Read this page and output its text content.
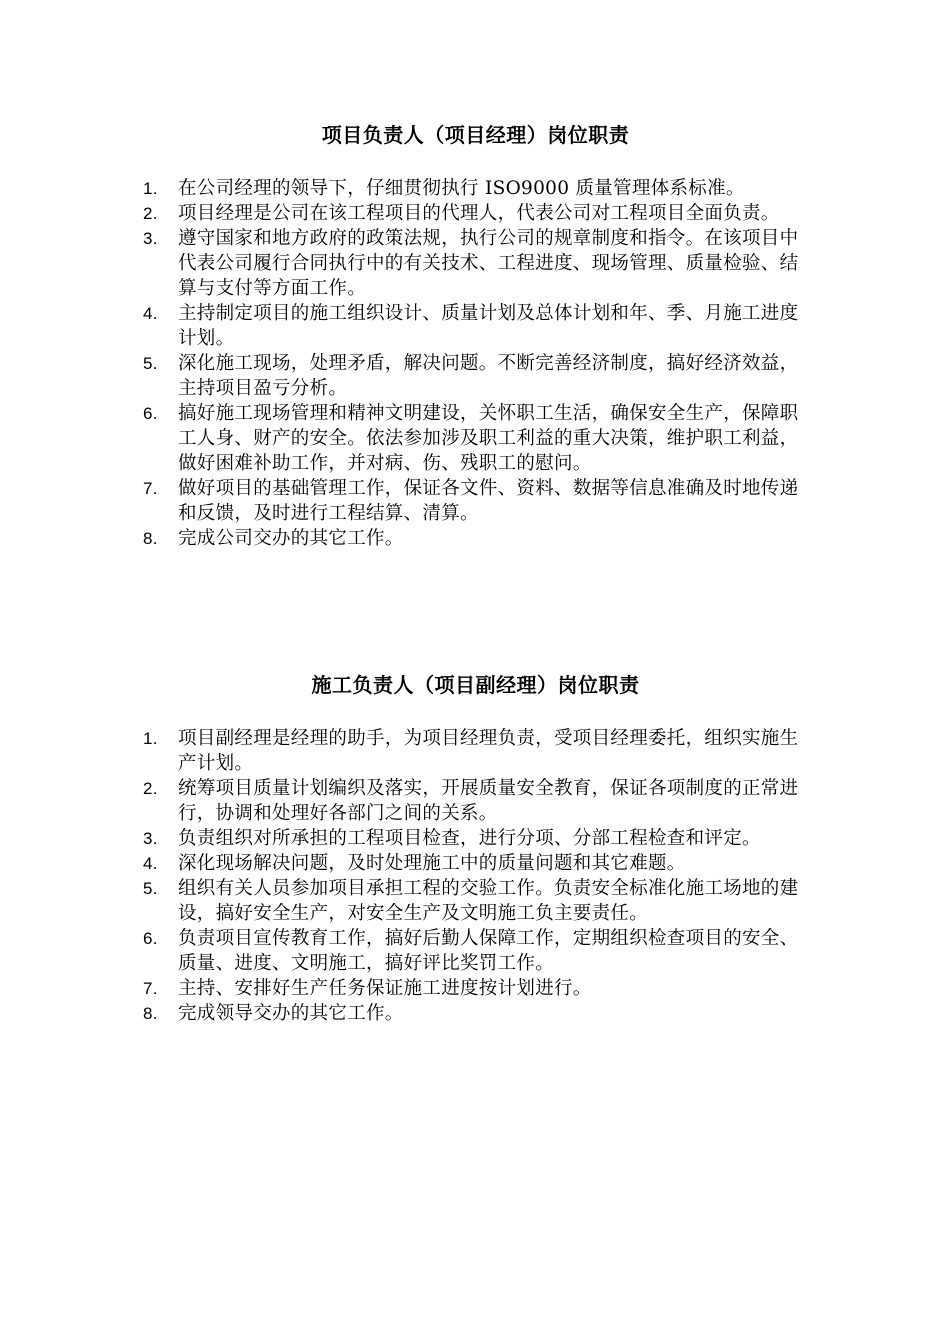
项目负责人（项目经理）岗位职责
1.	在公司经理的领导下，仔细贯彻执行 ISO9000 质量管理体系标准。
2.	项目经理是公司在该工程项目的代理人，代表公司对工程项目全面负责。
3.	遵守国家和地方政府的政策法规，执行公司的规章制度和指令。在该项目中代表公司履行合同执行中的有关技术、工程进度、现场管理、质量检验、结算与支付等方面工作。
4.	主持制定项目的施工组织设计、质量计划及总体计划和年、季、月施工进度计划。
5.	深化施工现场，处理矛盾，解决问题。不断完善经济制度，搞好经济效益，主持项目盈亏分析。
6.	搞好施工现场管理和精神文明建设，关怀职工生活，确保安全生产，保障职工人身、财产的安全。依法参加涉及职工利益的重大决策，维护职工利益，做好困难补助工作，并对病、伤、残职工的慰问。
7.	做好项目的基础管理工作，保证各文件、资料、数据等信息准确及时地传递和反馈，及时进行工程结算、清算。
8.	完成公司交办的其它工作。
施工负责人（项目副经理）岗位职责
1.	项目副经理是经理的助手，为项目经理负责，受项目经理委托，组织实施生产计划。
2.	统筹项目质量计划编织及落实，开展质量安全教育，保证各项制度的正常进行，协调和处理好各部门之间的关系。
3.	负责组织对所承担的工程项目检查，进行分项、分部工程检查和评定。
4.	深化现场解决问题，及时处理施工中的质量问题和其它难题。
5.	组织有关人员参加项目承担工程的交验工作。负责安全标准化施工场地的建设，搞好安全生产，对安全生产及文明施工负主要责任。
6.	负责项目宣传教育工作，搞好后勤人保障工作，定期组织检查项目的安全、质量、进度、文明施工，搞好评比奖罚工作。
7.	主持、安排好生产任务保证施工进度按计划进行。
8.	完成领导交办的其它工作。
